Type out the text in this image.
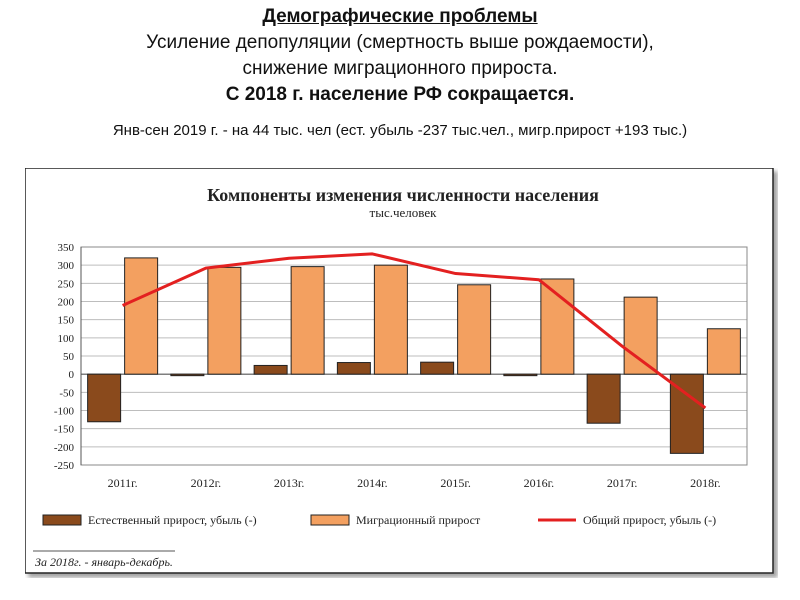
Демографические проблемы
Усиление депопуляции (смертность выше рождаемости),
снижение миграционного прироста.
С 2018 г. население РФ сокращается.
Янв-сен 2019 г. - на 44 тыс. чел (ест. убыль -237 тыс.чел., мигр.прирост +193 тыс.)
Компоненты изменения численности населения
тыс.человек
350
300
250
200
150
100
50
0
-50
-100
-150
-200
-250
2011г.	2012г.	2013г.	2014г.	2015г.	2016г.	2017г.	2018г.
Естественный прирост, убыль (-)	Миграционный прирост	Общий прирост, убыль (-)
За 2018г. - январь-декабрь.
